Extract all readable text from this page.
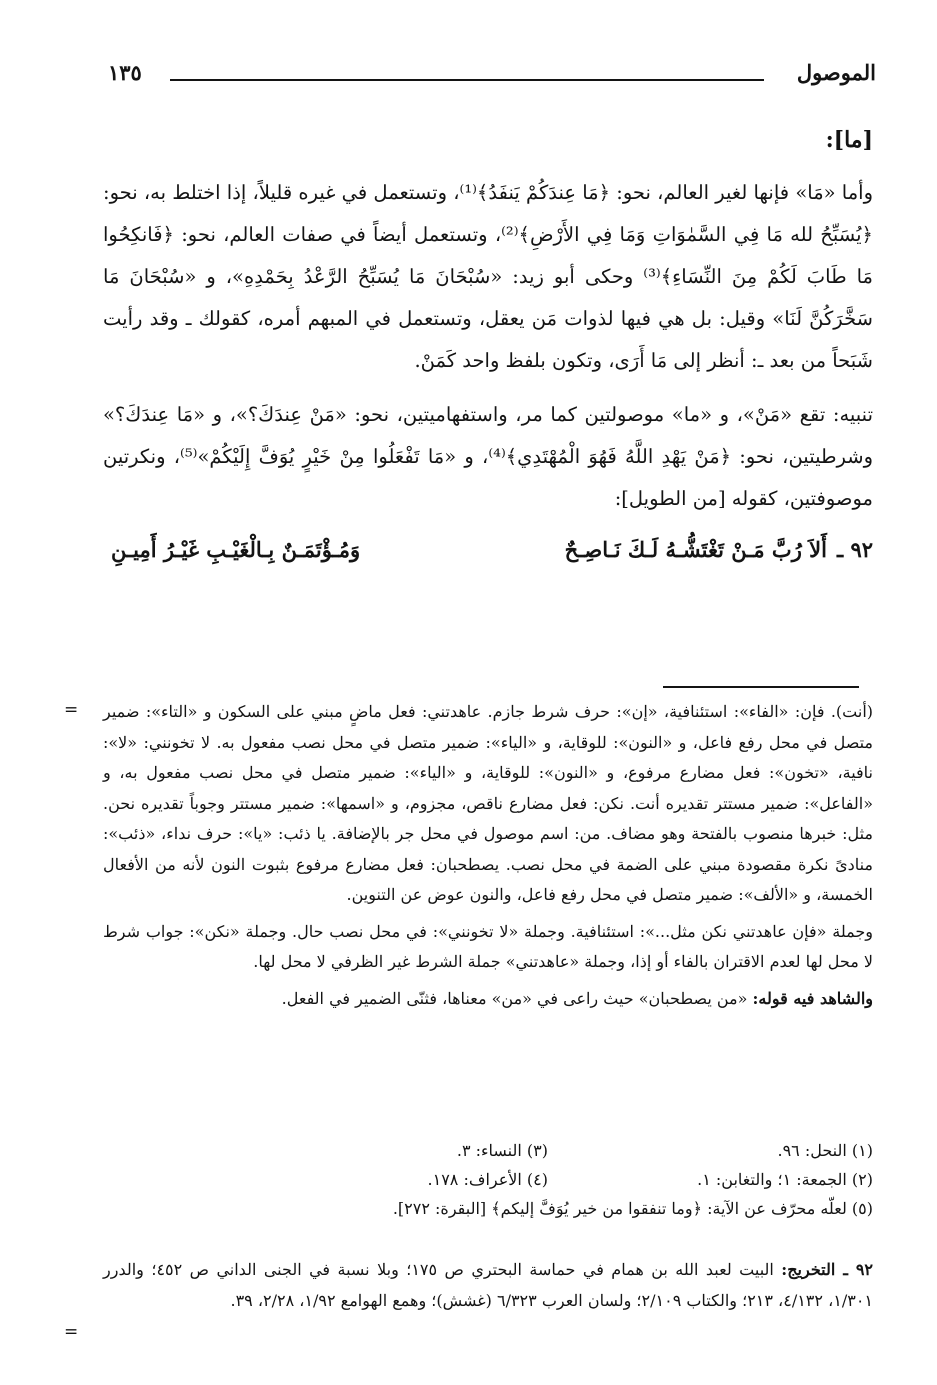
الموصول
١٣٥
[ما]:

وأما «مَا» فإنها لغير العالم، نحو: ﴿مَا عِندَكُمْ يَنفَدُ﴾⁽¹⁾، وتستعمل في غيره قليلاً، إذا اختلط به، نحو: ﴿يُسَبِّحُ لله مَا فِي السَّمٰوَاتِ وَمَا فِي الأَرْضِ﴾⁽²⁾، وتستعمل أيضاً في صفات العالم، نحو: ﴿فَانكِحُوا مَا طَابَ لَكُمْ مِنَ النِّسَاءِ﴾⁽³⁾ وحكى أبو زيد: «سُبْحَانَ مَا يُسَبِّحُ الرَّعْدُ بِحَمْدِهِ»، و «سُبْحَانَ مَا سَخَّرَكُنَّ لَنَا» وقيل: بل هي فيها لذوات مَن يعقل، وتستعمل في المبهم أمره، كقولك ـ وقد رأيت شَبَحاً من بعد ـ: أنظر إلى مَا أَرَى، وتكون بلفظ واحد كَمَنْ.

تنبيه: تقع «مَنْ»، و «ما» موصولتين كما مر، واستفهاميتين، نحو: «مَنْ عِندَكَ؟»، و «مَا عِندَكَ؟» وشرطيتين، نحو: ﴿مَنْ يَهْدِ اللَّهُ فَهُوَ الْمُهْتَدِي﴾⁽⁴⁾، و «مَا تَفْعَلُوا مِنْ خَيْرٍ يُوَفَّ إِلَيْكُمْ»⁽⁵⁾، ونكرتين موصوفتين، كقوله [من الطويل]:

٩٢ ـ
أَلاَ رُبَّ مَـنْ تَغْتَشُّـهُ لَـكَ نَـاصِـحٌ
وَمُـؤْتَمَـنٌ بِـالْغَيْـبِ غَيْـرُ أَمِيـنِ
= (أنت). فإن: «الفاء»: استئنافية، «إن»: حرف شرط جازم. عاهدتني: فعل ماضٍ مبني على السكون و «التاء»: ضمير متصل في محل رفع فاعل، و «النون»: للوقاية، و «الياء»: ضمير متصل في محل نصب مفعول به. لا تخونني: «لا»: نافية، «تخون»: فعل مضارع مرفوع، و «النون»: للوقاية، و «الياء»: ضمير متصل في محل نصب مفعول به، و «الفاعل»: ضمير مستتر تقديره أنت. نكن: فعل مضارع ناقص، مجزوم، و «اسمها»: ضمير مستتر وجوباً تقديره نحن. مثل: خبرها منصوب بالفتحة وهو مضاف. من: اسم موصول في محل جر بالإضافة. يا ذئب: «يا»: حرف نداء، «ذئب»: منادىً نكرة مقصودة مبني على الضمة في محل نصب. يصطحبان: فعل مضارع مرفوع بثبوت النون لأنه من الأفعال الخمسة، و «الألف»: ضمير متصل في محل رفع فاعل، والنون عوض عن التنوين.

وجملة «فإن عاهدتني نكن مثل...»: استئنافية. وجملة «لا تخونني»: في محل نصب حال. وجملة «نكن»: جواب شرط لا محل لها لعدم الاقتران بالفاء أو إذا، وجملة «عاهدتني» جملة الشرط غير الظرفي لا محل لها.

والشاهد فيه قوله: «من يصطحبان» حيث راعى في «من» معناها، فثنّى الضمير في الفعل.

(١) النحل: ٩٦.
(٣) النساء: ٣.
(٢) الجمعة: ١؛ والتغابن: ١.
(٤) الأعراف: ١٧٨.
(٥) لعلّه محرّف عن الآية: ﴿وما تنفقوا من خير يُوَفَّ إليكم﴾ [البقرة: ٢٧٢].
٩٢ ـ التخريج: البيت لعبد الله بن همام في حماسة البحتري ص ١٧٥؛ وبلا نسبة في الجنى الداني ص ٤٥٢؛ والدرر ١/٣٠١، ٤/١٣٢، ٢١٣؛ والكتاب ٢/١٠٩؛ ولسان العرب ٦/٣٢٣ (غشش)؛ وهمع الهوامع ١/٩٢، ٢/٢٨، ٣٩.
=
